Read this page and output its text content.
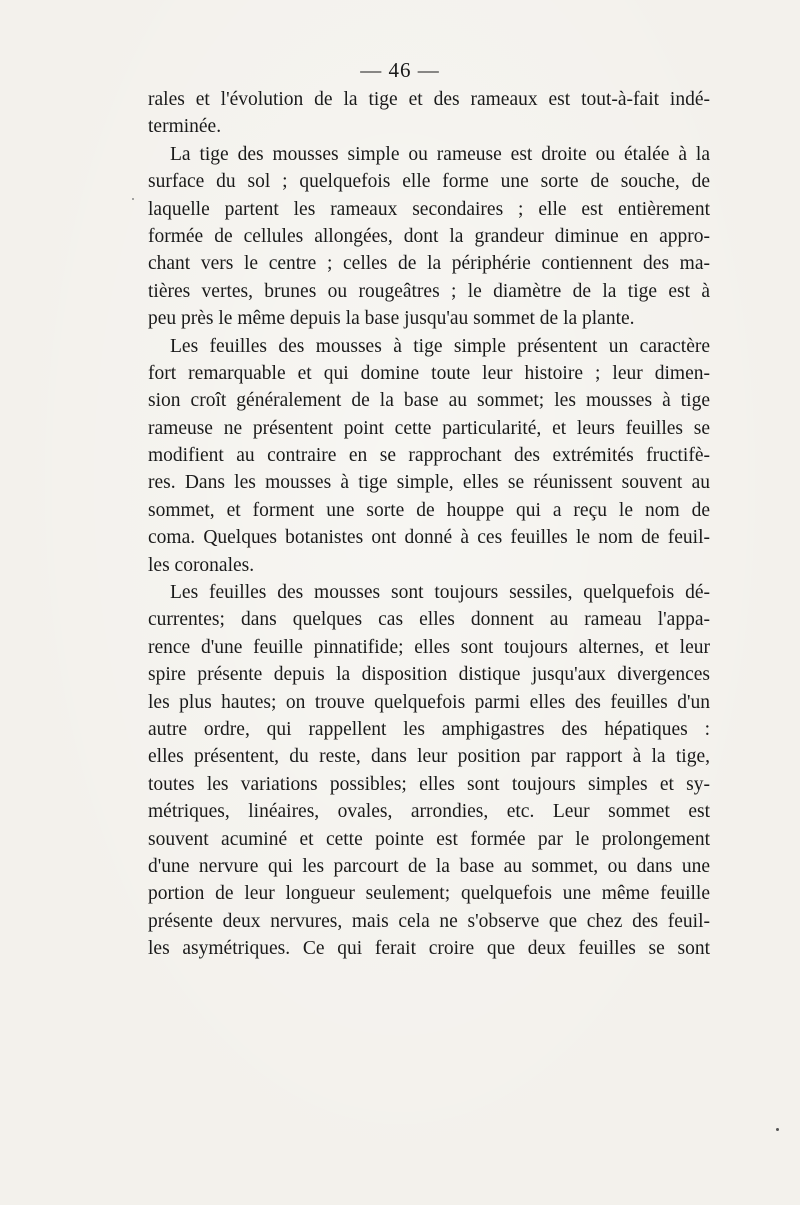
— 46 —
rales et l'évolution de la tige et des rameaux est tout-à-fait indé-
terminée.
La tige des mousses simple ou rameuse est droite ou étalée à la
surface du sol ; quelquefois elle forme une sorte de souche, de
laquelle partent les rameaux secondaires ; elle est entièrement
formée de cellules allongées, dont la grandeur diminue en appro-
chant vers le centre ; celles de la périphérie contiennent des ma-
tières vertes, brunes ou rougeâtres ; le diamètre de la tige est à
peu près le même depuis la base jusqu'au sommet de la plante.
Les feuilles des mousses à tige simple présentent un caractère
fort remarquable et qui domine toute leur histoire ; leur dimen-
sion croît généralement de la base au sommet; les mousses à tige
rameuse ne présentent point cette particularité, et leurs feuilles se
modifient au contraire en se rapprochant des extrémités fructifè-
res. Dans les mousses à tige simple, elles se réunissent souvent au
sommet, et forment une sorte de houppe qui a reçu le nom de
coma. Quelques botanistes ont donné à ces feuilles le nom de feuil-
les coronales.
Les feuilles des mousses sont toujours sessiles, quelquefois dé-
currentes; dans quelques cas elles donnent au rameau l'appa-
rence d'une feuille pinnatifide; elles sont toujours alternes, et leur
spire présente depuis la disposition distique jusqu'aux divergences
les plus hautes; on trouve quelquefois parmi elles des feuilles d'un
autre ordre, qui rappellent les amphigastres des hépatiques :
elles présentent, du reste, dans leur position par rapport à la tige,
toutes les variations possibles; elles sont toujours simples et sy-
métriques, linéaires, ovales, arrondies, etc. Leur sommet est
souvent acuminé et cette pointe est formée par le prolongement
d'une nervure qui les parcourt de la base au sommet, ou dans une
portion de leur longueur seulement; quelquefois une même feuille
présente deux nervures, mais cela ne s'observe que chez des feuil-
les asymétriques. Ce qui ferait croire que deux feuilles se sont
